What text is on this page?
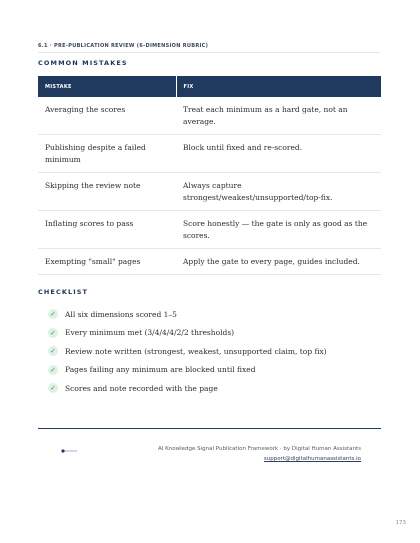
6.1 · PRE-PUBLICATION REVIEW (6-DIMENSION RUBRIC)
COMMON MISTAKES
MISTAKE	FIX
Averaging the scores	Treat each minimum as a hard gate, not an average.
Publishing despite a failed minimum	Block until fixed and re-scored.
Skipping the review note	Always capture strongest/weakest/unsupported/top-fix.
Inflating scores to pass	Score honestly — the gate is only as good as the scores.
Exempting "small" pages	Apply the gate to every page, guides included.
CHECKLIST
✓	All six dimensions scored 1–5
✓	Every minimum met (3/4/4/4/2/2 thresholds)
✓	Review note written (strongest, weakest, unsupported claim, top fix)
✓	Pages failing any minimum are blocked until fixed
✓	Scores and note recorded with the page
AI Knowledge Signal Publication Framework · by Digital Human Assistants
support@digitalhumanassistants.io
173
